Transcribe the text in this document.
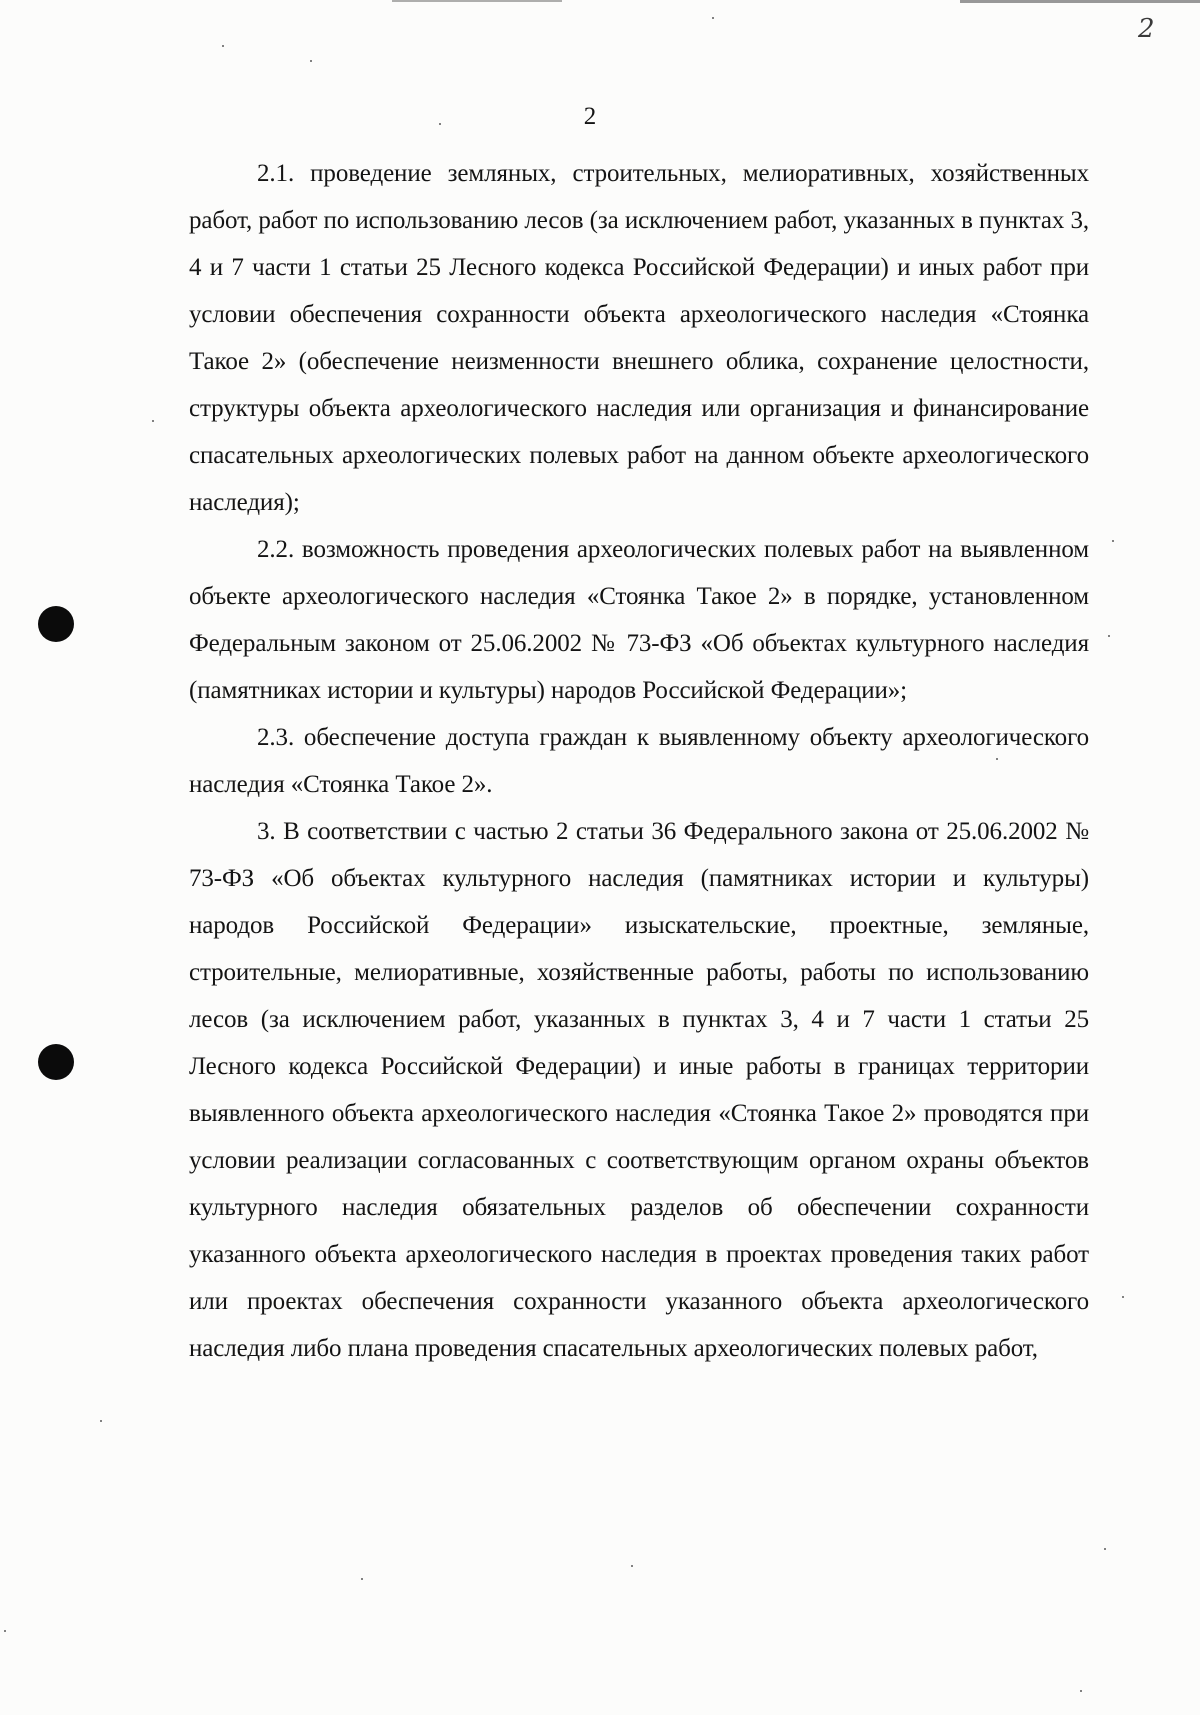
2
2

2.1. проведение земляных, строительных, мелиоративных, хозяйственных работ, работ по использованию лесов (за исключением работ, указанных в пунктах 3, 4 и 7 части 1 статьи 25 Лесного кодекса Российской Федерации) и иных работ при условии обеспечения сохранности объекта археологического наследия «Стоянка Такое 2» (обеспечение неизменности внешнего облика, сохранение целостности, структуры объекта археологического наследия или организация и финансирование спасательных археологических полевых работ на данном объекте археологического наследия);

2.2. возможность проведения археологических полевых работ на выявленном объекте археологического наследия «Стоянка Такое 2» в порядке, установленном Федеральным законом от 25.06.2002 № 73-ФЗ «Об объектах культурного наследия (памятниках истории и культуры) народов Российской Федерации»;

2.3. обеспечение доступа граждан к выявленному объекту археологического наследия «Стоянка Такое 2».

3. В соответствии с частью 2 статьи 36 Федерального закона от 25.06.2002 № 73-ФЗ «Об объектах культурного наследия (памятниках истории и культуры) народов Российской Федерации» изыскательские, проектные, земляные, строительные, мелиоративные, хозяйственные работы, работы по использованию лесов (за исключением работ, указанных в пунктах 3, 4 и 7 части 1 статьи 25 Лесного кодекса Российской Федерации) и иные работы в границах территории выявленного объекта археологического наследия «Стоянка Такое 2» проводятся при условии реализации согласованных с соответствующим органом охраны объектов культурного наследия обязательных разделов об обеспечении сохранности указанного объекта археологического наследия в проектах проведения таких работ или проектах обеспечения сохранности указанного объекта археологического наследия либо плана проведения спасательных археологических полевых работ,
